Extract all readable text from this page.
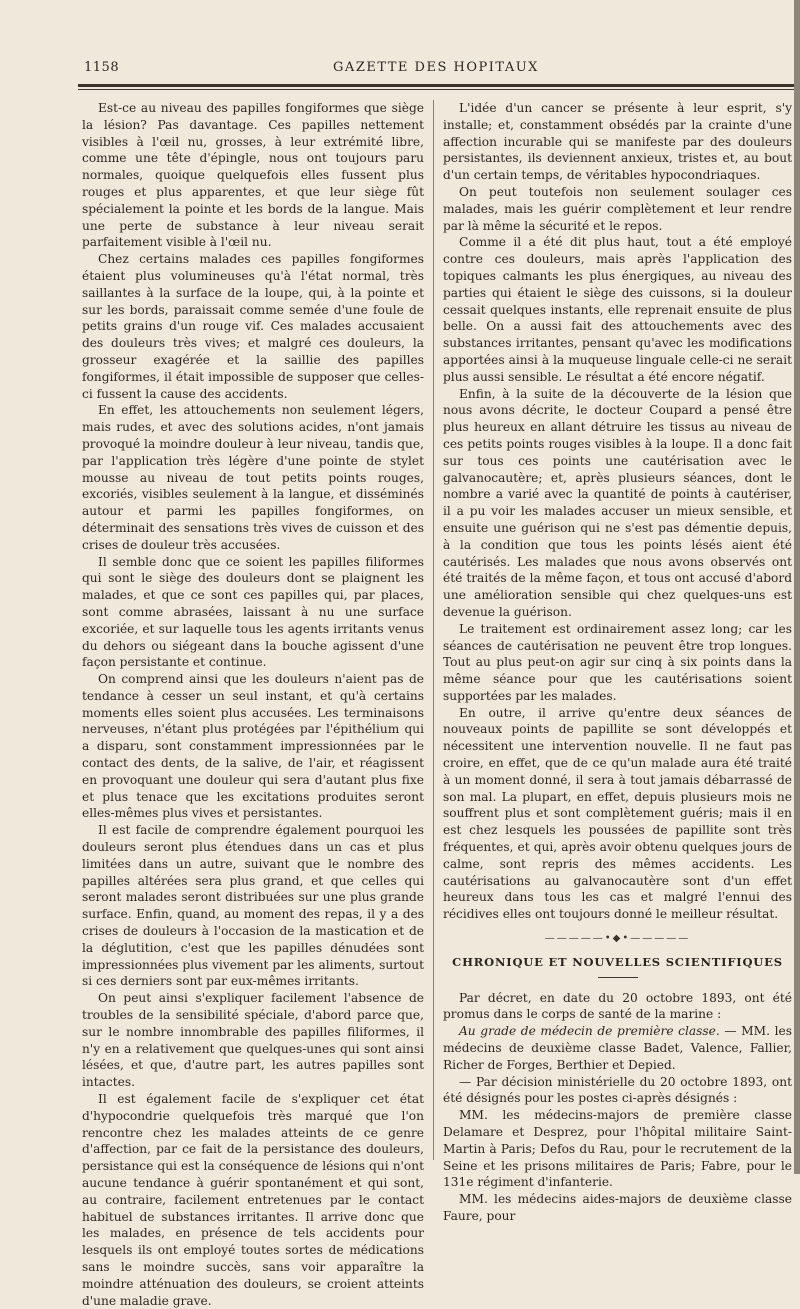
1158	GAZETTE DES HOPITAUX

Est-ce au niveau des papilles fongiformes que siège la lésion? Pas davantage. Ces papilles nettement visibles à l'œil nu, grosses, à leur extrémité libre, comme une tête d'épingle, nous ont toujours paru normales, quoique quelquefois elles fussent plus rouges et plus apparentes, et que leur siège fût spécialement la pointe et les bords de la langue. Mais une perte de substance à leur niveau serait parfaitement visible à l'œil nu.

Chez certains malades ces papilles fongiformes étaient plus volumineuses qu'à l'état normal, très saillantes à la surface de la loupe, qui, à la pointe et sur les bords, paraissait comme semée d'une foule de petits grains d'un rouge vif. Ces malades accusaient des douleurs très vives; et malgré ces douleurs, la grosseur exagérée et la saillie des papilles fongiformes, il était impossible de supposer que celles-ci fussent la cause des accidents.

En effet, les attouchements non seulement légers, mais rudes, et avec des solutions acides, n'ont jamais provoqué la moindre douleur à leur niveau, tandis que, par l'application très légère d'une pointe de stylet mousse au niveau de tout petits points rouges, excoriés, visibles seulement à la langue, et disséminés autour et parmi les papilles fongiformes, on déterminait des sensations très vives de cuisson et des crises de douleur très accusées.

Il semble donc que ce soient les papilles filiformes qui sont le siège des douleurs dont se plaignent les malades, et que ce sont ces papilles qui, par places, sont comme abrasées, laissant à nu une surface excoriée, et sur laquelle tous les agents irritants venus du dehors ou siégeant dans la bouche agissent d'une façon persistante et continue.

On comprend ainsi que les douleurs n'aient pas de tendance à cesser un seul instant, et qu'à certains moments elles soient plus accusées. Les terminaisons nerveuses, n'étant plus protégées par l'épithélium qui a disparu, sont constamment impressionnées par le contact des dents, de la salive, de l'air, et réagissent en provoquant une douleur qui sera d'autant plus fixe et plus tenace que les excitations produites seront elles-mêmes plus vives et persistantes.

Il est facile de comprendre également pourquoi les douleurs seront plus étendues dans un cas et plus limitées dans un autre, suivant que le nombre des papilles altérées sera plus grand, et que celles qui seront malades seront distribuées sur une plus grande surface. Enfin, quand, au moment des repas, il y a des crises de douleurs à l'occasion de la mastication et de la déglutition, c'est que les papilles dénudées sont impressionnées plus vivement par les aliments, surtout si ces derniers sont par eux-mêmes irritants.

On peut ainsi s'expliquer facilement l'absence de troubles de la sensibilité spéciale, d'abord parce que, sur le nombre innombrable des papilles filiformes, il n'y en a relativement que quelques-unes qui sont ainsi lésées, et que, d'autre part, les autres papilles sont intactes.

Il est également facile de s'expliquer cet état d'hypocondrie quelquefois très marqué que l'on rencontre chez les malades atteints de ce genre d'affection, par ce fait de la persistance des douleurs, persistance qui est la conséquence de lésions qui n'ont aucune tendance à guérir spontanément et qui sont, au contraire, facilement entretenues par le contact habituel de substances irritantes. Il arrive donc que les malades, en présence de tels accidents pour lesquels ils ont employé toutes sortes de médications sans le moindre succès, sans voir apparaître la moindre atténuation des douleurs, se croient atteints d'une maladie grave.

L'idée d'un cancer se présente à leur esprit, s'y installe; et, constamment obsédés par la crainte d'une affection incurable qui se manifeste par des douleurs persistantes, ils deviennent anxieux, tristes et, au bout d'un certain temps, de véritables hypocondriaques.

On peut toutefois non seulement soulager ces malades, mais les guérir complètement et leur rendre par là même la sécurité et le repos.

Comme il a été dit plus haut, tout a été employé contre ces douleurs, mais après l'application des topiques calmants les plus énergiques, au niveau des parties qui étaient le siège des cuissons, si la douleur cessait quelques instants, elle reprenait ensuite de plus belle. On a aussi fait des attouchements avec des substances irritantes, pensant qu'avec les modifications apportées ainsi à la muqueuse linguale celle-ci ne serait plus aussi sensible. Le résultat a été encore négatif.

Enfin, à la suite de la découverte de la lésion que nous avons décrite, le docteur Coupard a pensé être plus heureux en allant détruire les tissus au niveau de ces petits points rouges visibles à la loupe. Il a donc fait sur tous ces points une cautérisation avec le galvanocautère; et, après plusieurs séances, dont le nombre a varié avec la quantité de points à cautériser, il a pu voir les malades accuser un mieux sensible, et ensuite une guérison qui ne s'est pas démentie depuis, à la condition que tous les points lésés aient été cautérisés. Les malades que nous avons observés ont été traités de la même façon, et tous ont accusé d'abord une amélioration sensible qui chez quelques-uns est devenue la guérison.

Le traitement est ordinairement assez long; car les séances de cautérisation ne peuvent être trop longues. Tout au plus peut-on agir sur cinq à six points dans la même séance pour que les cautérisations soient supportées par les malades.

En outre, il arrive qu'entre deux séances de nouveaux points de papillite se sont développés et nécessitent une intervention nouvelle. Il ne faut pas croire, en effet, que de ce qu'un malade aura été traité à un moment donné, il sera à tout jamais débarrassé de son mal. La plupart, en effet, depuis plusieurs mois ne souffrent plus et sont complètement guéris; mais il en est chez lesquels les poussées de papillite sont très fréquentes, et qui, après avoir obtenu quelques jours de calme, sont repris des mêmes accidents. Les cautérisations au galvanocautère sont d'un effet heureux dans tous les cas et malgré l'ennui des récidives elles ont toujours donné le meilleur résultat.

—————•◆•—————
CHRONIQUE ET NOUVELLES SCIENTIFIQUES

Par décret, en date du 20 octobre 1893, ont été promus dans le corps de santé de la marine :

Au grade de médecin de première classe. — MM. les médecins de deuxième classe Badet, Valence, Fallier, Richer de Forges, Berthier et Depied.

— Par décision ministérielle du 20 octobre 1893, ont été désignés pour les postes ci-après désignés :

MM. les médecins-majors de première classe Delamare et Desprez, pour l'hôpital militaire Saint-Martin à Paris; Defos du Rau, pour le recrutement de la Seine et les prisons militaires de Paris; Fabre, pour le 131e régiment d'infanterie.

MM. les médecins aides-majors de deuxième classe Faure, pour
